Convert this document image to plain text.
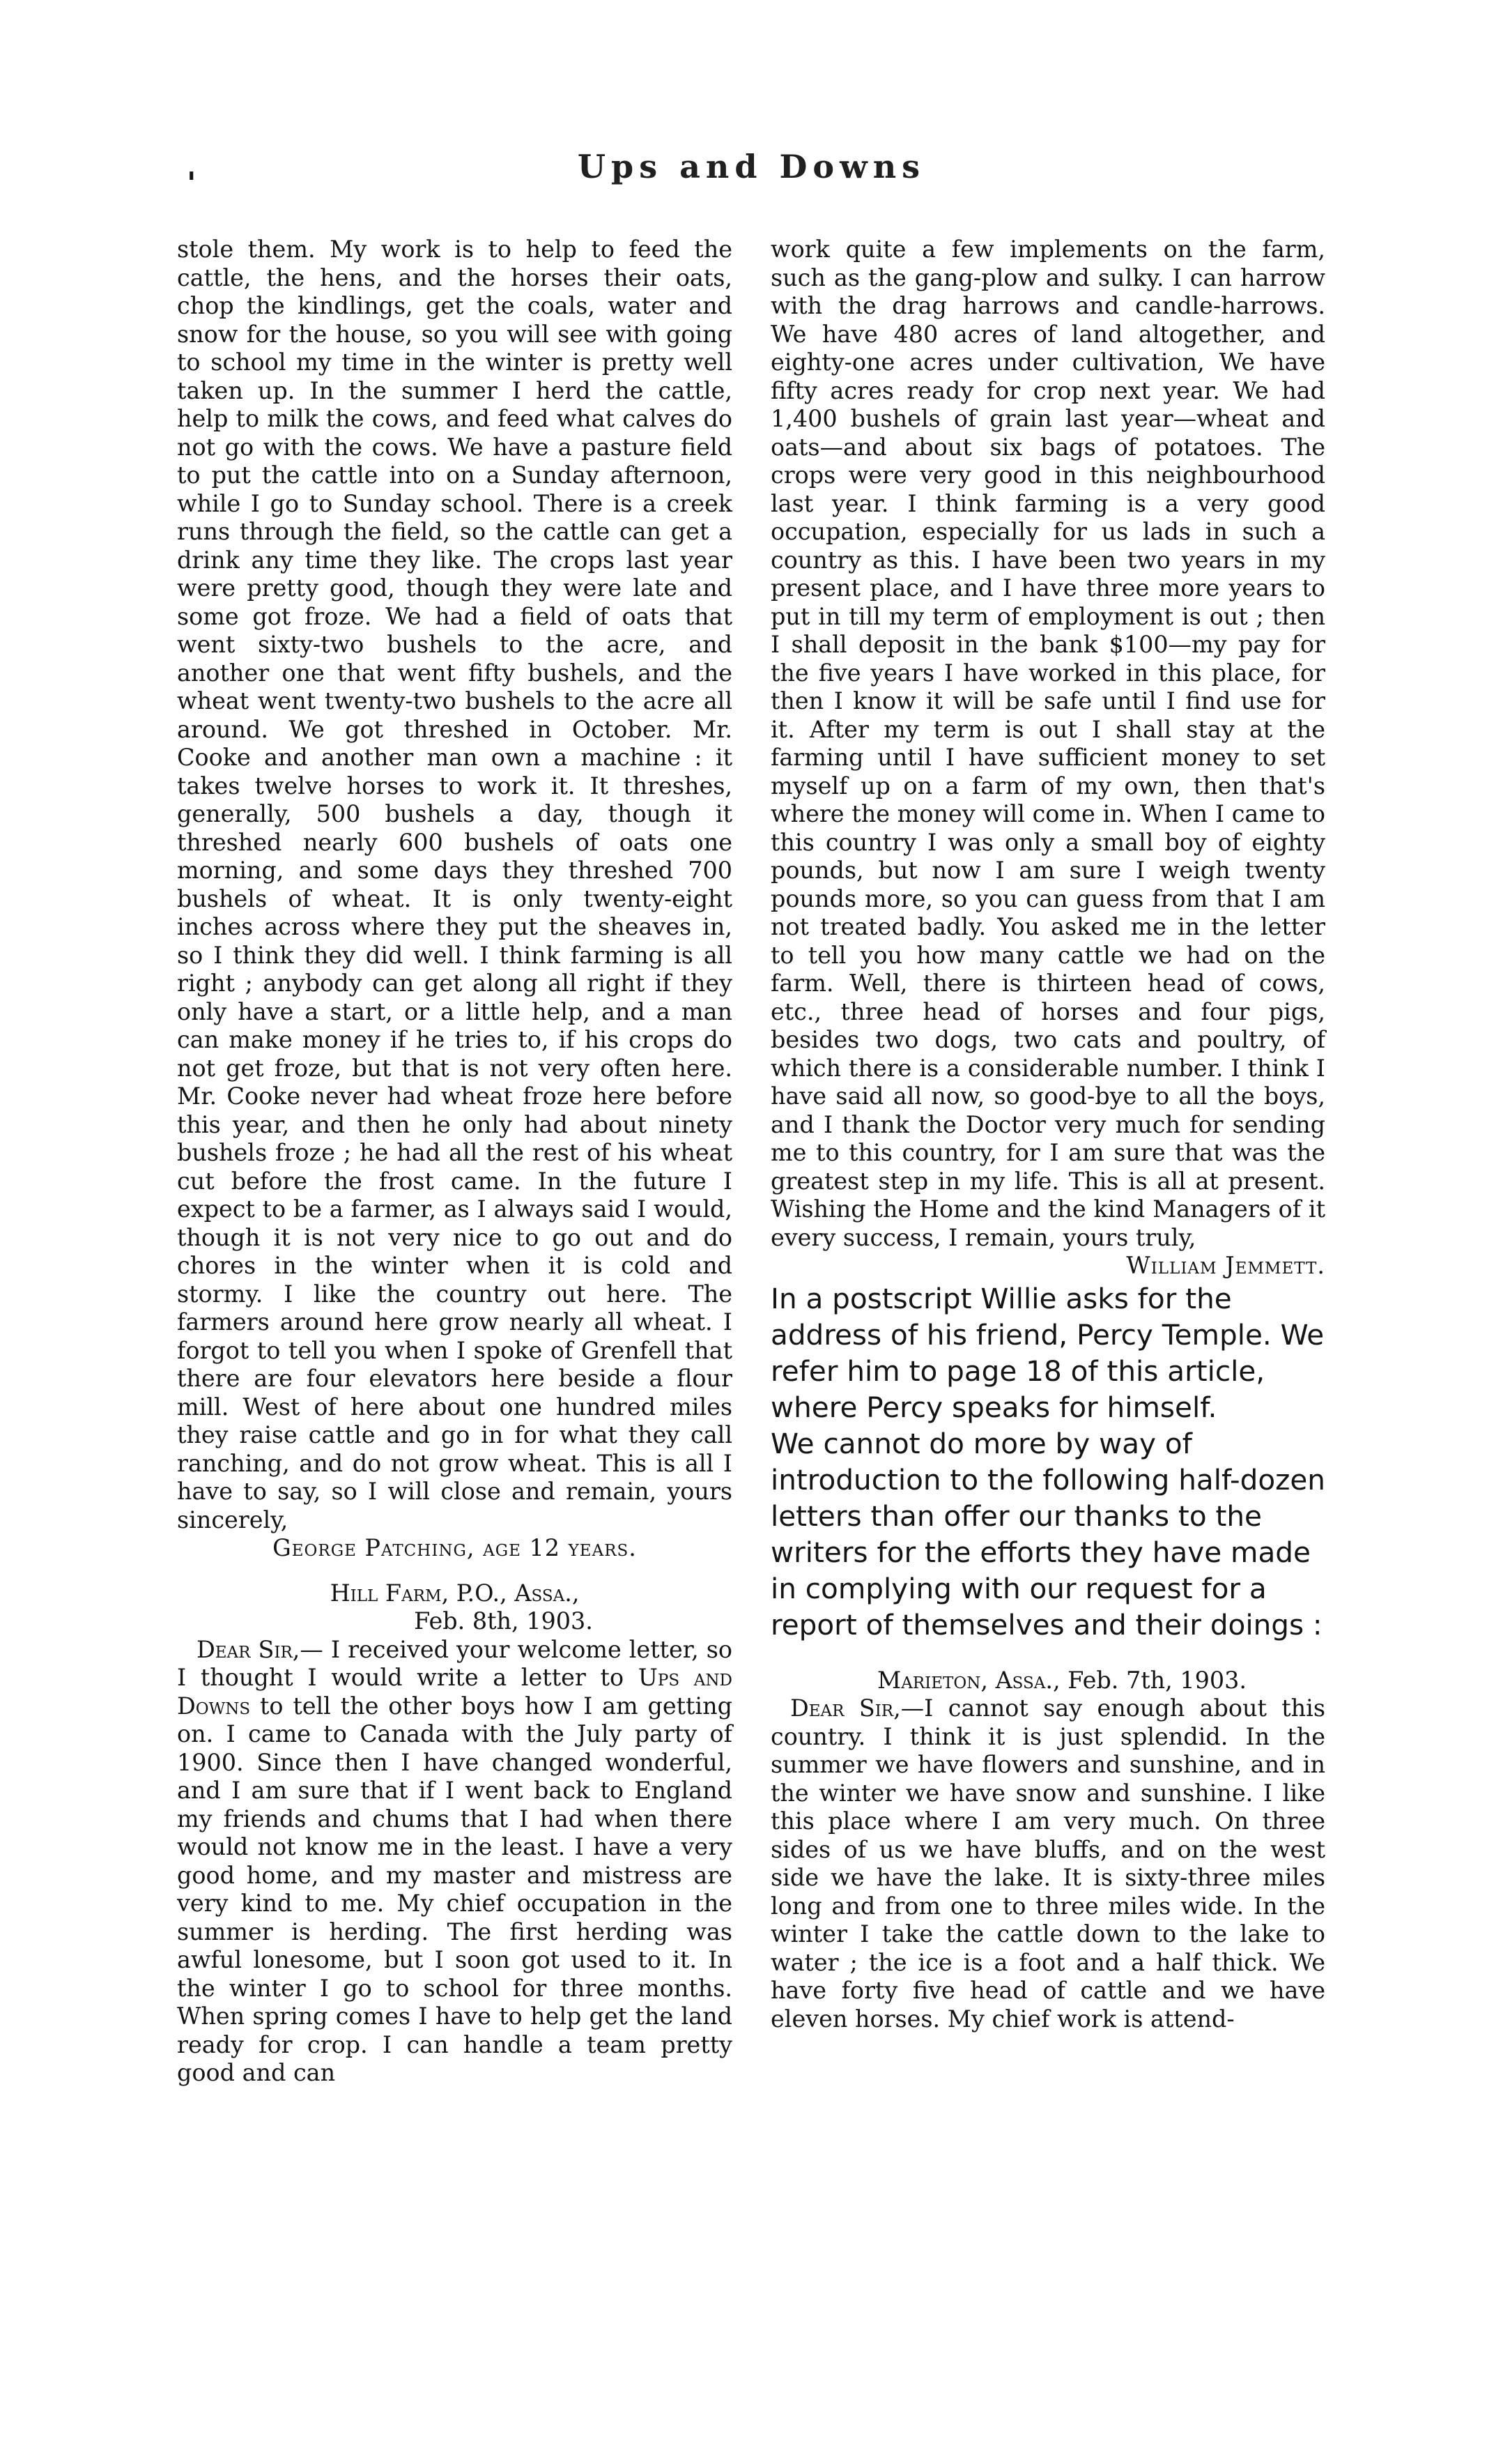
'	Ups and Downs

stole them. My work is to help to feed the cattle, the hens, and the horses their oats, chop the kindlings, get the coals, water and snow for the house, so you will see with going to school my time in the winter is pretty well taken up. In the summer I herd the cattle, help to milk the cows, and feed what calves do not go with the cows. We have a pasture field to put the cattle into on a Sunday afternoon, while I go to Sunday school. There is a creek runs through the field, so the cattle can get a drink any time they like. The crops last year were pretty good, though they were late and some got froze. We had a field of oats that went sixty-two bushels to the acre, and another one that went fifty bushels, and the wheat went twenty-two bushels to the acre all around. We got threshed in October. Mr. Cooke and another man own a machine : it takes twelve horses to work it. It threshes, generally, 500 bushels a day, though it threshed nearly 600 bushels of oats one morning, and some days they threshed 700 bushels of wheat. It is only twenty-eight inches across where they put the sheaves in, so I think they did well. I think farming is all right ; anybody can get along all right if they only have a start, or a little help, and a man can make money if he tries to, if his crops do not get froze, but that is not very often here. Mr. Cooke never had wheat froze here before this year, and then he only had about ninety bushels froze ; he had all the rest of his wheat cut before the frost came. In the future I expect to be a farmer, as I always said I would, though it is not very nice to go out and do chores in the winter when it is cold and stormy. I like the country out here. The farmers around here grow nearly all wheat. I forgot to tell you when I spoke of Grenfell that there are four elevators here beside a flour mill. West of here about one hundred miles they raise cattle and go in for what they call ranching, and do not grow wheat. This is all I have to say, so I will close and remain, yours sincerely,

George Patching, age 12 years.

Hill Farm, P.O., Assa.,

Feb. 8th, 1903.

Dear Sir,— I received your welcome letter, so I thought I would write a letter to Ups and Downs to tell the other boys how I am getting on. I came to Canada with the July party of 1900. Since then I have changed wonderful, and I am sure that if I went back to England my friends and chums that I had when there would not know me in the least. I have a very good home, and my master and mistress are very kind to me. My chief occupation in the summer is herding. The first herding was awful lonesome, but I soon got used to it. In the winter I go to school for three months. When spring comes I have to help get the land ready for crop. I can handle a team pretty good and can

work quite a few implements on the farm, such as the gang-plow and sulky. I can harrow with the drag harrows and candle-harrows. We have 480 acres of land altogether, and eighty-one acres under cultivation, We have fifty acres ready for crop next year. We had 1,400 bushels of grain last year—wheat and oats—and about six bags of potatoes. The crops were very good in this neighbourhood last year. I think farming is a very good occupation, especially for us lads in such a country as this. I have been two years in my present place, and I have three more years to put in till my term of employment is out ; then I shall deposit in the bank $100—my pay for the five years I have worked in this place, for then I know it will be safe until I find use for it. After my term is out I shall stay at the farming until I have sufficient money to set myself up on a farm of my own, then that's where the money will come in. When I came to this country I was only a small boy of eighty pounds, but now I am sure I weigh twenty pounds more, so you can guess from that I am not treated badly. You asked me in the letter to tell you how many cattle we had on the farm. Well, there is thirteen head of cows, etc., three head of horses and four pigs, besides two dogs, two cats and poultry, of which there is a considerable number. I think I have said all now, so good-bye to all the boys, and I thank the Doctor very much for sending me to this country, for I am sure that was the greatest step in my life. This is all at present. Wishing the Home and the kind Managers of it every success, I remain, yours truly,

William Jemmett.

In a postscript Willie asks for the address of his friend, Percy Temple. We refer him to page 18 of this article, where Percy speaks for himself.

We cannot do more by way of introduction to the following half-dozen letters than offer our thanks to the writers for the efforts they have made in complying with our request for a report of themselves and their doings :

Marieton, Assa., Feb. 7th, 1903.

Dear Sir,—I cannot say enough about this country. I think it is just splendid. In the summer we have flowers and sunshine, and in the winter we have snow and sunshine. I like this place where I am very much. On three sides of us we have bluffs, and on the west side we have the lake. It is sixty-three miles long and from one to three miles wide. In the winter I take the cattle down to the lake to water ; the ice is a foot and a half thick. We have forty five head of cattle and we have eleven horses. My chief work is attend-
